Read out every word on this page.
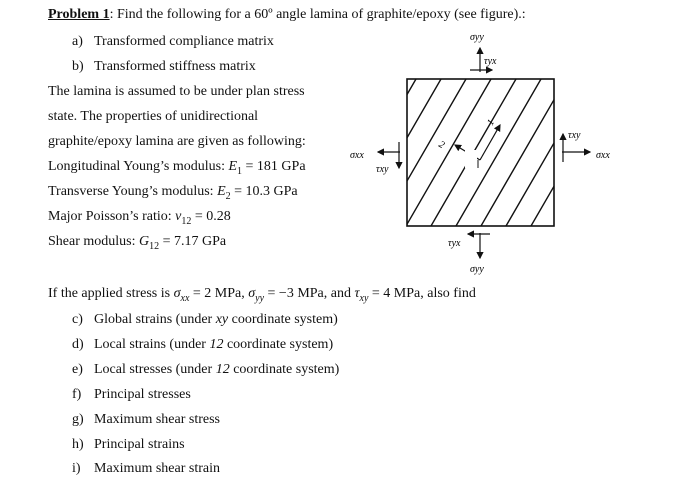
Problem 1: Find the following for a 60º angle lamina of graphite/epoxy (see figure).:
a) Transformed compliance matrix
b) Transformed stiffness matrix
The lamina is assumed to be under plan stress
state. The properties of unidirectional
graphite/epoxy lamina are given as following:
Longitudinal Young’s modulus: $E_1 = 181$ GPa
Transverse Young’s modulus: $E_2 = 10.3$ GPa
Major Poisson’s ratio: $\nu_{12} = 0.28$
Shear modulus: $G_{12} = 7.17$ GPa
1
2
σyy
τyx
σxx
τxy
τxy
σxx
τyx
σyy
If the applied stress is $\sigma_{xx} = 2$ MPa, $\sigma_{yy} = -3$ MPa, and $\tau_{xy} = 4$ MPa, also find
c) Global strains (under xy coordinate system)
d) Local strains (under 12 coordinate system)
e) Local stresses (under 12 coordinate system)
f) Principal stresses
g) Maximum shear stress
h) Principal strains
i) Maximum shear strain
